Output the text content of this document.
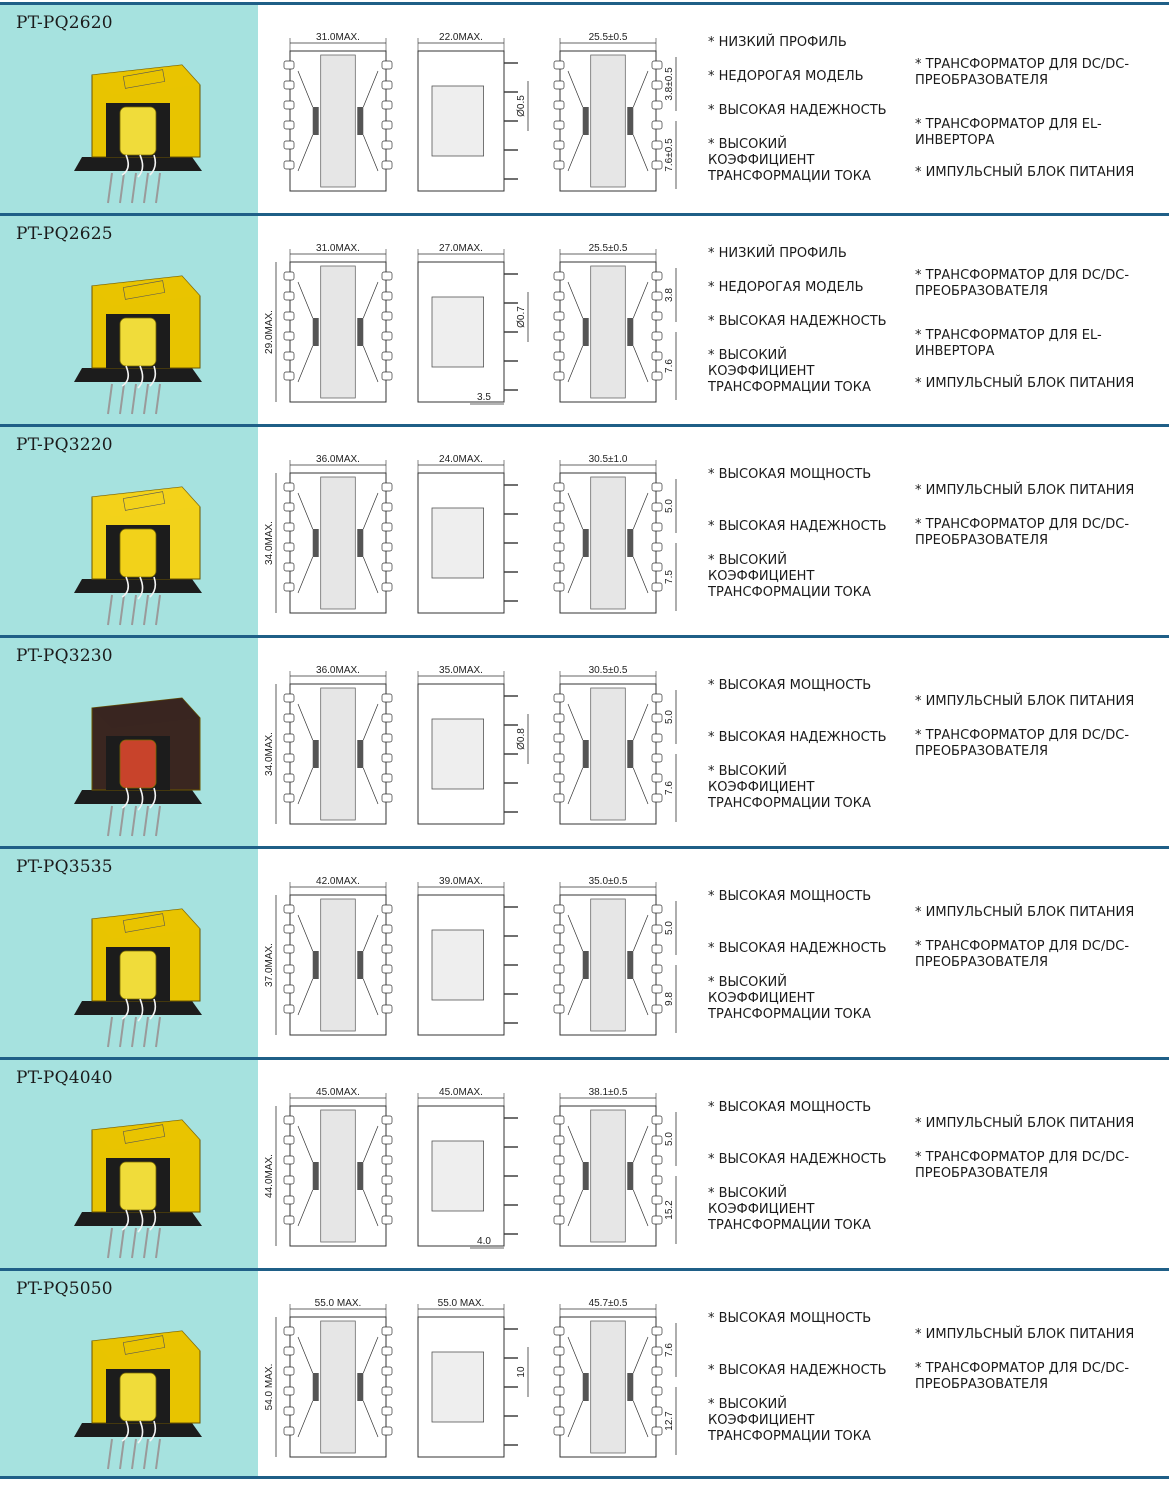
PT-PQ2620
31.0MAX.	22.0MAX.
Ø0.5
25.5±0.5
3.8±0.5
7.6±0.5
* НИЗКИЙ ПРОФИЛЬ
* НЕДОРОГАЯ МОДЕЛЬ
* ВЫСОКАЯ НАДЕЖНОСТЬ
* ВЫСОКИЙ КОЭФФИЦИЕНТ ТРАНСФОРМАЦИИ ТОКА
* ТРАНСФОРМАТОР ДЛЯ DC/DC-ПРЕОБРАЗОВАТЕЛЯ
* ТРАНСФОРМАТОР ДЛЯ EL-ИНВЕРТОРА
* ИМПУЛЬСНЫЙ БЛОК ПИТАНИЯ
PT-PQ2625
31.0MAX.
29.0MAX.
27.0MAX.
Ø0.7
3.5
25.5±0.5
3.8
7.6
* НИЗКИЙ ПРОФИЛЬ
* НЕДОРОГАЯ МОДЕЛЬ
* ВЫСОКАЯ НАДЕЖНОСТЬ
* ВЫСОКИЙ КОЭФФИЦИЕНТ ТРАНСФОРМАЦИИ ТОКА
* ТРАНСФОРМАТОР ДЛЯ DC/DC-ПРЕОБРАЗОВАТЕЛЯ
* ТРАНСФОРМАТОР ДЛЯ EL-ИНВЕРТОРА
* ИМПУЛЬСНЫЙ БЛОК ПИТАНИЯ
PT-PQ3220
36.0MAX.
34.0MAX.
24.0MAX.	30.5±1.0
5.0
7.5
* ВЫСОКАЯ МОЩНОСТЬ
* ВЫСОКАЯ НАДЕЖНОСТЬ
* ВЫСОКИЙ КОЭФФИЦИЕНТ ТРАНСФОРМАЦИИ ТОКА
* ИМПУЛЬСНЫЙ БЛОК ПИТАНИЯ
* ТРАНСФОРМАТОР ДЛЯ DC/DC-ПРЕОБРАЗОВАТЕЛЯ
PT-PQ3230
36.0MAX.
34.0MAX.
35.0MAX.
Ø0.8
30.5±0.5
5.0
7.6
* ВЫСОКАЯ МОЩНОСТЬ
* ВЫСОКАЯ НАДЕЖНОСТЬ
* ВЫСОКИЙ КОЭФФИЦИЕНТ ТРАНСФОРМАЦИИ ТОКА
* ИМПУЛЬСНЫЙ БЛОК ПИТАНИЯ
* ТРАНСФОРМАТОР ДЛЯ DC/DC-ПРЕОБРАЗОВАТЕЛЯ
PT-PQ3535
42.0MAX.
37.0MAX.
39.0MAX.	35.0±0.5
5.0
9.8
* ВЫСОКАЯ МОЩНОСТЬ
* ВЫСОКАЯ НАДЕЖНОСТЬ
* ВЫСОКИЙ КОЭФФИЦИЕНТ ТРАНСФОРМАЦИИ ТОКА
* ИМПУЛЬСНЫЙ БЛОК ПИТАНИЯ
* ТРАНСФОРМАТОР ДЛЯ DC/DC-ПРЕОБРАЗОВАТЕЛЯ
PT-PQ4040
45.0MAX.
44.0MAX.
45.0MAX.
4.0
38.1±0.5
5.0
15.2
* ВЫСОКАЯ МОЩНОСТЬ
* ВЫСОКАЯ НАДЕЖНОСТЬ
* ВЫСОКИЙ КОЭФФИЦИЕНТ ТРАНСФОРМАЦИИ ТОКА
* ИМПУЛЬСНЫЙ БЛОК ПИТАНИЯ
* ТРАНСФОРМАТОР ДЛЯ DC/DC-ПРЕОБРАЗОВАТЕЛЯ
PT-PQ5050
55.0 MAX.
54.0 MAX.
55.0 MAX.
10
45.7±0.5
7.6
12.7
* ВЫСОКАЯ МОЩНОСТЬ
* ВЫСОКАЯ НАДЕЖНОСТЬ
* ВЫСОКИЙ КОЭФФИЦИЕНТ ТРАНСФОРМАЦИИ ТОКА
* ИМПУЛЬСНЫЙ БЛОК ПИТАНИЯ
* ТРАНСФОРМАТОР ДЛЯ DC/DC-ПРЕОБРАЗОВАТЕЛЯ
